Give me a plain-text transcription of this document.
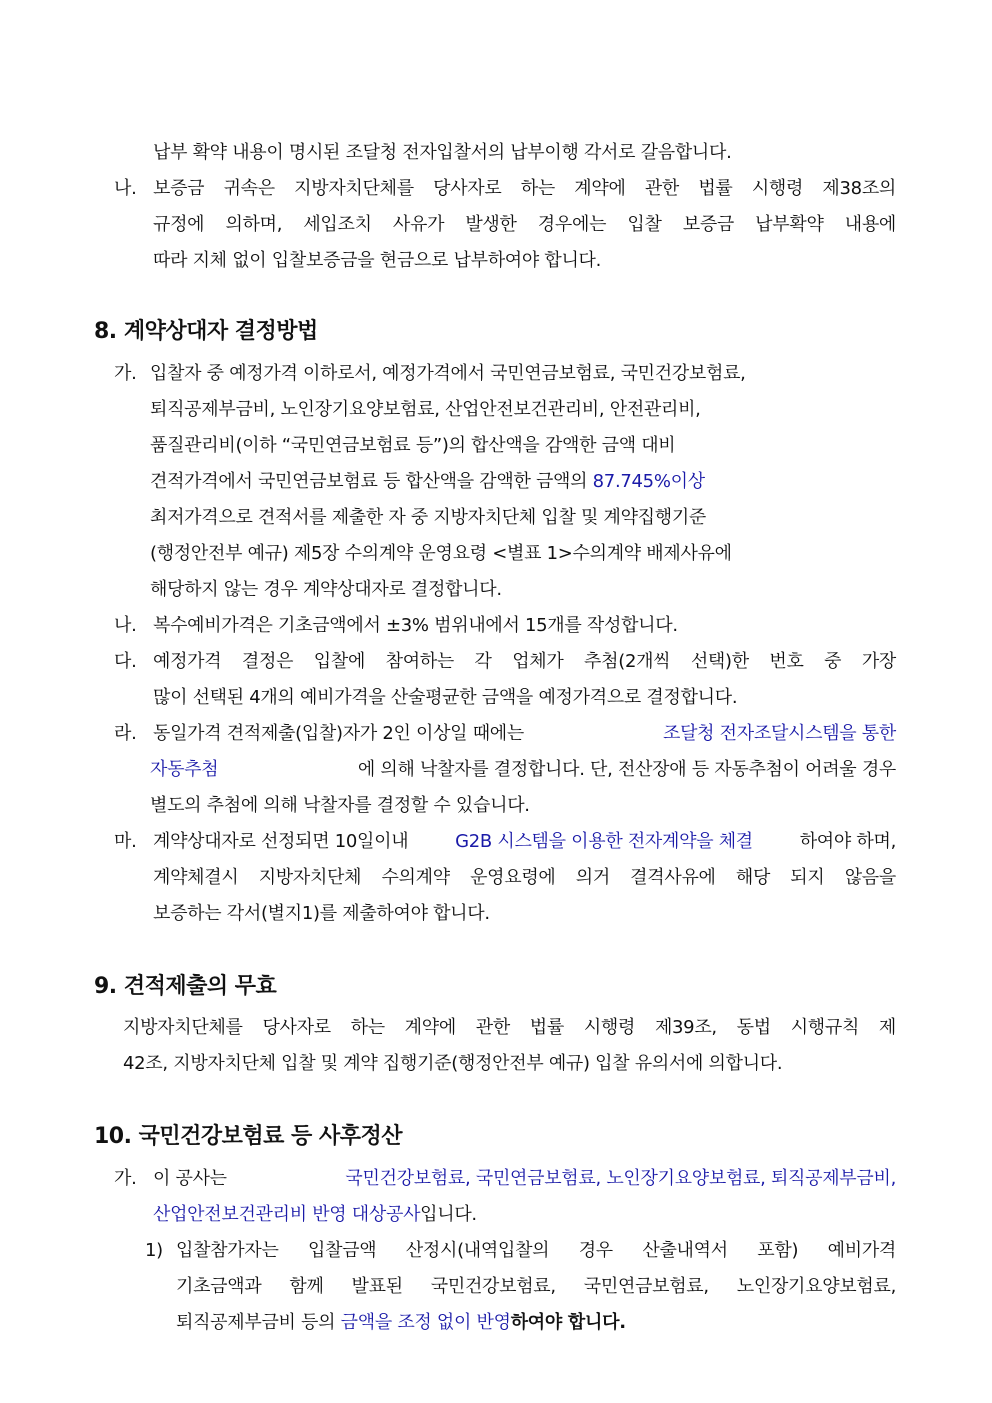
납부 확약 내용이 명시된 조달청 전자입찰서의 납부이행 각서로 갈음합니다.
나. 보증금 귀속은 지방자치단체를 당사자로 하는 계약에 관한 법률 시행령 제38조의
규정에 의하며, 세입조치 사유가 발생한 경우에는 입찰 보증금 납부확약 내용에
따라 지체 없이 입찰보증금을 현금으로 납부하여야 합니다.
8. 계약상대자 결정방법
가. 입찰자 중 예정가격 이하로서, 예정가격에서 국민연금보험료, 국민건강보험료,
퇴직공제부금비, 노인장기요양보험료, 산업안전보건관리비, 안전관리비,
품질관리비(이하 “국민연금보험료 등”)의 합산액을 감액한 금액 대비
견적가격에서 국민연금보험료 등 합산액을 감액한 금액의 87.745%이상
최저가격으로 견적서를 제출한 자 중 지방자치단체 입찰 및 계약집행기준
(행정안전부 예규) 제5장 수의계약 운영요령 <별표 1>수의계약 배제사유에
해당하지 않는 경우 계약상대자로 결정합니다.
나. 복수예비가격은 기초금액에서 ±3% 범위내에서 15개를 작성합니다.
다. 예정가격 결정은 입찰에 참여하는 각 업체가 추첨(2개씩 선택)한 번호 중 가장
많이 선택된 4개의 예비가격을 산술평균한 금액을 예정가격으로 결정합니다.
라. 동일가격 견적제출(입찰)자가 2인 이상일 때에는	조달청 전자조달시스템을 통한
자동추첨	에 의해 낙찰자를 결정합니다. 단, 전산장애 등 자동추첨이 어려울 경우
별도의 추첨에 의해 낙찰자를 결정할 수 있습니다.
마. 계약상대자로 선정되면 10일이내	G2B 시스템을 이용한 전자계약을 체결	하여야 하며,
계약체결시 지방자치단체 수의계약 운영요령에 의거 결격사유에 해당 되지 않음을
보증하는 각서(별지1)를 제출하여야 합니다.
9. 견적제출의 무효
지방자치단체를 당사자로 하는 계약에 관한 법률 시행령 제39조, 동법 시행규칙 제
42조, 지방자치단체 입찰 및 계약 집행기준(행정안전부 예규) 입찰 유의서에 의합니다.
10. 국민건강보험료 등 사후정산
가. 이 공사는	국민건강보험료, 국민연금보험료, 노인장기요양보험료, 퇴직공제부금비,
산업안전보건관리비 반영 대상공사입니다.
1) 입찰참가자는 입찰금액 산정시(내역입찰의 경우 산출내역서 포함) 예비가격
기초금액과 함께 발표된 국민건강보험료, 국민연금보험료, 노인장기요양보험료,
퇴직공제부금비 등의 금액을 조정 없이 반영하여야 합니다.
